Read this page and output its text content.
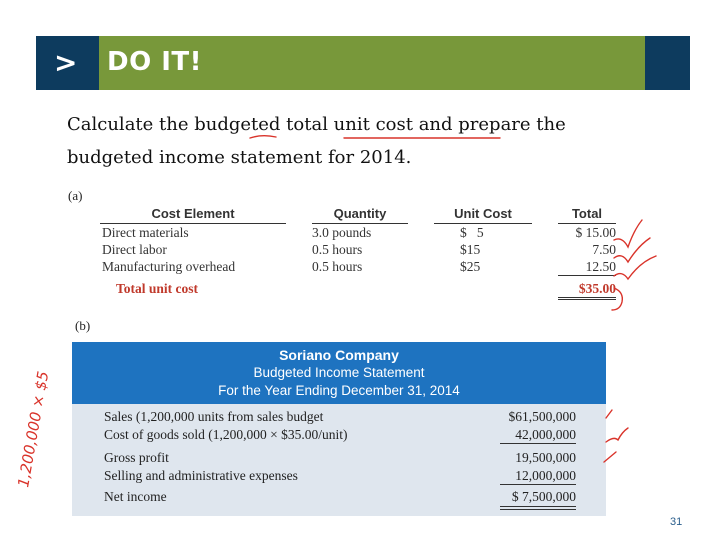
> DO IT!
Calculate the budgeted total unit cost and prepare the budgeted income statement for 2014.
(a)
Cost Element		Quantity		Unit Cost		Total
Direct materials		3.0 pounds		$ 5		$ 15.00
Direct labor		0.5 hours		$15		7.50
Manufacturing overhead		0.5 hours		$25		12.50
Total unit cost						$35.00
(b)
Soriano Company
Budgeted Income Statement
For the Year Ending December 31, 2014
Sales (1,200,000 units from sales budget	$61,500,000
Cost of goods sold (1,200,000 × $35.00/unit)	42,000,000
Gross profit	19,500,000
Selling and administrative expenses	12,000,000
Net income	$ 7,500,000
31
1,200,000 × $5
